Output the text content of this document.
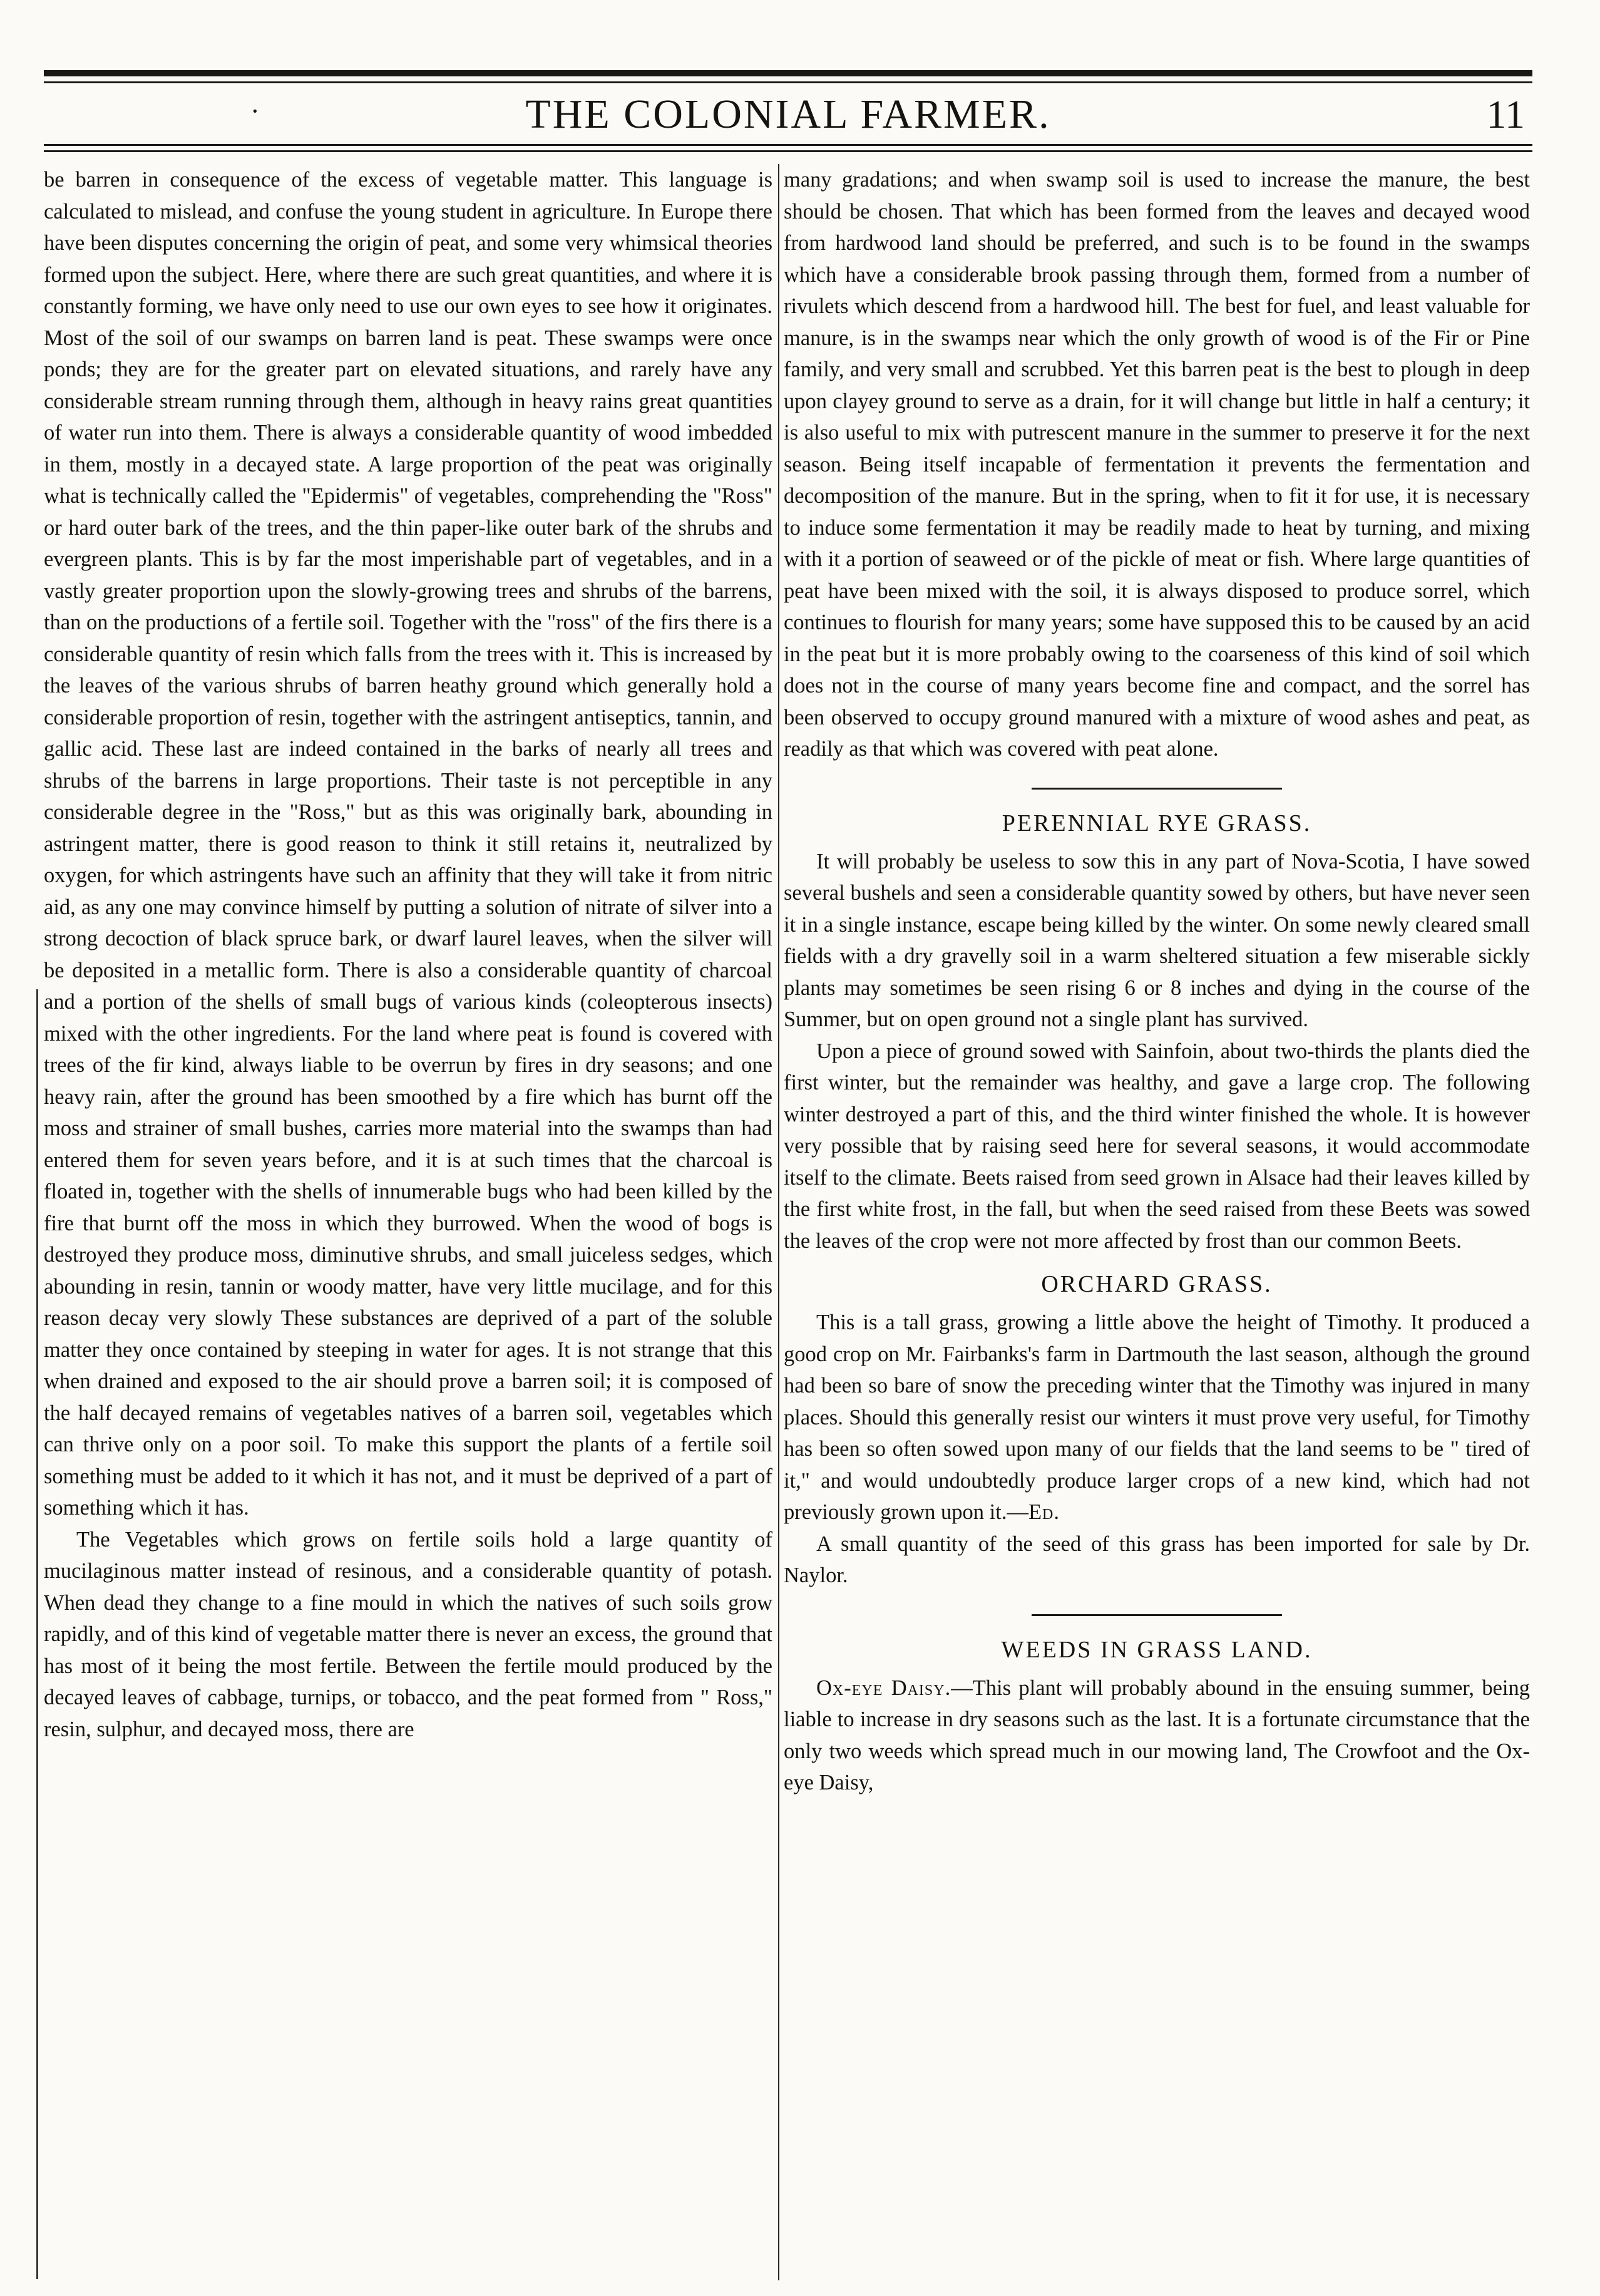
·	THE COLONIAL FARMER.	11

be barren in consequence of the excess of vegetable matter. This language is calculated to mislead, and confuse the young student in agriculture. In Europe there have been disputes concerning the origin of peat, and some very whimsical theories formed upon the subject. Here, where there are such great quantities, and where it is constantly forming, we have only need to use our own eyes to see how it originates. Most of the soil of our swamps on barren land is peat. These swamps were once ponds; they are for the greater part on elevated situations, and rarely have any considerable stream running through them, although in heavy rains great quantities of water run into them. There is always a considerable quantity of wood imbedded in them, mostly in a decayed state. A large proportion of the peat was originally what is technically called the "Epidermis" of vegetables, comprehending the "Ross" or hard outer bark of the trees, and the thin paper-like outer bark of the shrubs and evergreen plants. This is by far the most imperishable part of vegetables, and in a vastly greater proportion upon the slowly-growing trees and shrubs of the barrens, than on the productions of a fertile soil. Together with the "ross" of the firs there is a considerable quantity of resin which falls from the trees with it. This is increased by the leaves of the various shrubs of barren heathy ground which generally hold a considerable proportion of resin, together with the astringent antiseptics, tannin, and gallic acid. These last are indeed contained in the barks of nearly all trees and shrubs of the barrens in large proportions. Their taste is not perceptible in any considerable degree in the "Ross," but as this was originally bark, abounding in astringent matter, there is good reason to think it still retains it, neutralized by oxygen, for which astringents have such an affinity that they will take it from nitric aid, as any one may convince himself by putting a solution of nitrate of silver into a strong decoction of black spruce bark, or dwarf laurel leaves, when the silver will be deposited in a metallic form. There is also a considerable quantity of charcoal and a portion of the shells of small bugs of various kinds (coleopterous insects) mixed with the other ingredients. For the land where peat is found is covered with trees of the fir kind, always liable to be overrun by fires in dry seasons; and one heavy rain, after the ground has been smoothed by a fire which has burnt off the moss and strainer of small bushes, carries more material into the swamps than had entered them for seven years before, and it is at such times that the charcoal is floated in, together with the shells of innumerable bugs who had been killed by the fire that burnt off the moss in which they burrowed. When the wood of bogs is destroyed they produce moss, diminutive shrubs, and small juiceless sedges, which abounding in resin, tannin or woody matter, have very little mucilage, and for this reason decay very slowly These substances are deprived of a part of the soluble matter they once contained by steeping in water for ages. It is not strange that this when drained and exposed to the air should prove a barren soil; it is composed of the half decayed remains of vegetables natives of a barren soil, vegetables which can thrive only on a poor soil. To make this support the plants of a fertile soil something must be added to it which it has not, and it must be deprived of a part of something which it has.

The Vegetables which grows on fertile soils hold a large quantity of mucilaginous matter instead of resinous, and a considerable quantity of potash. When dead they change to a fine mould in which the natives of such soils grow rapidly, and of this kind of vegetable matter there is never an excess, the ground that has most of it being the most fertile. Between the fertile mould produced by the decayed leaves of cabbage, turnips, or tobacco, and the peat formed from " Ross," resin, sulphur, and decayed moss, there are

many gradations; and when swamp soil is used to increase the manure, the best should be chosen. That which has been formed from the leaves and decayed wood from hardwood land should be preferred, and such is to be found in the swamps which have a considerable brook passing through them, formed from a number of rivulets which descend from a hardwood hill. The best for fuel, and least valuable for manure, is in the swamps near which the only growth of wood is of the Fir or Pine family, and very small and scrubbed. Yet this barren peat is the best to plough in deep upon clayey ground to serve as a drain, for it will change but little in half a century; it is also useful to mix with putrescent manure in the summer to preserve it for the next season. Being itself incapable of fermentation it prevents the fermentation and decomposition of the manure. But in the spring, when to fit it for use, it is necessary to induce some fermentation it may be readily made to heat by turning, and mixing with it a portion of seaweed or of the pickle of meat or fish. Where large quantities of peat have been mixed with the soil, it is always disposed to produce sorrel, which continues to flourish for many years; some have supposed this to be caused by an acid in the peat but it is more probably owing to the coarseness of this kind of soil which does not in the course of many years become fine and compact, and the sorrel has been observed to occupy ground manured with a mixture of wood ashes and peat, as readily as that which was covered with peat alone.

PERENNIAL RYE GRASS.

It will probably be useless to sow this in any part of Nova-Scotia, I have sowed several bushels and seen a considerable quantity sowed by others, but have never seen it in a single instance, escape being killed by the winter. On some newly cleared small fields with a dry gravelly soil in a warm sheltered situation a few miserable sickly plants may sometimes be seen rising 6 or 8 inches and dying in the course of the Summer, but on open ground not a single plant has survived.

Upon a piece of ground sowed with Sainfoin, about two-thirds the plants died the first winter, but the remainder was healthy, and gave a large crop. The following winter destroyed a part of this, and the third winter finished the whole. It is however very possible that by raising seed here for several seasons, it would accommodate itself to the climate. Beets raised from seed grown in Alsace had their leaves killed by the first white frost, in the fall, but when the seed raised from these Beets was sowed the leaves of the crop were not more affected by frost than our common Beets.

ORCHARD GRASS.

This is a tall grass, growing a little above the height of Timothy. It produced a good crop on Mr. Fairbanks's farm in Dartmouth the last season, although the ground had been so bare of snow the preceding winter that the Timothy was injured in many places. Should this generally resist our winters it must prove very useful, for Timothy has been so often sowed upon many of our fields that the land seems to be " tired of it," and would undoubtedly produce larger crops of a new kind, which had not previously grown upon it.—Ed.

A small quantity of the seed of this grass has been imported for sale by Dr. Naylor.

WEEDS IN GRASS LAND.

Ox-eye Daisy.—This plant will probably abound in the ensuing summer, being liable to increase in dry seasons such as the last. It is a fortunate circumstance that the only two weeds which spread much in our mowing land, The Crowfoot and the Ox-eye Daisy,
